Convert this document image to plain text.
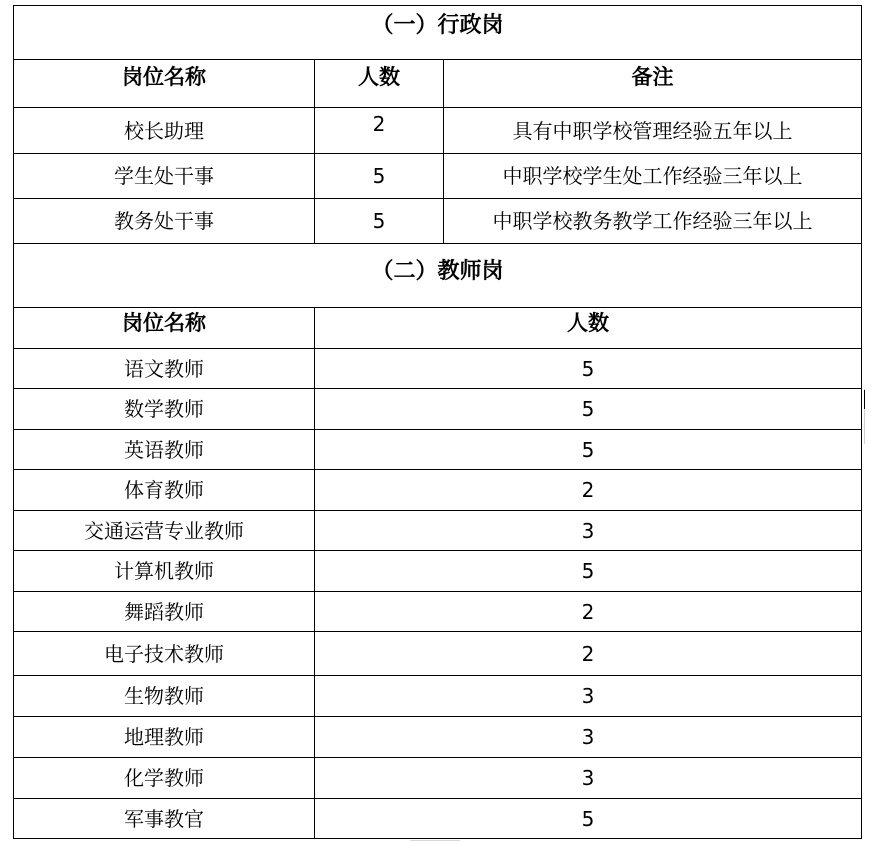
（一）行政岗		
岗位名称	人数	备注
校长助理	2	具有中职学校管理经验五年以上
学生处干事	5	中职学校学生处工作经验三年以上
教务处干事	5	中职学校教务教学工作经验三年以上
（二）教师岗		
岗位名称	人数	
语文教师	5	
数学教师	5	
英语教师	5	
体育教师	2	
交通运营专业教师	3	
计算机教师	5	
舞蹈教师	2	
电子技术教师	2	
生物教师	3	
地理教师	3	
化学教师	3	
军事教官	5	
